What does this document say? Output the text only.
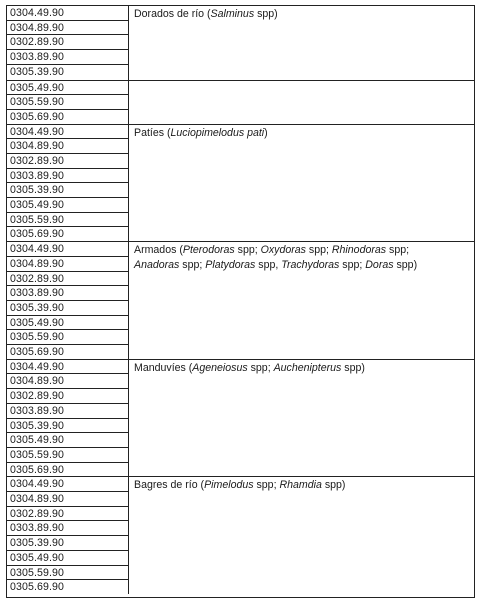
0304.49.90
0304.89.90
0302.89.90
0303.89.90
0305.39.90
Dorados de río (Salminus spp)
0305.49.90
0305.59.90
0305.69.90
0304.49.90
0304.89.90
0302.89.90
0303.89.90
0305.39.90
0305.49.90
0305.59.90
0305.69.90
Patíes (Luciopimelodus pati)
0304.49.90
0304.89.90
0302.89.90
0303.89.90
0305.39.90
0305.49.90
0305.59.90
0305.69.90
Armados (Pterodoras spp; Oxydoras spp; Rhinodoras spp;
Anadoras spp; Platydoras spp, Trachydoras spp; Doras spp)
0304.49.90
0304.89.90
0302.89.90
0303.89.90
0305.39.90
0305.49.90
0305.59.90
0305.69.90
Manduvíes (Ageneiosus spp; Auchenipterus spp)
0304.49.90
0304.89.90
0302.89.90
0303.89.90
0305.39.90
0305.49.90
0305.59.90
0305.69.90
Bagres de río (Pimelodus spp; Rhamdia spp)
